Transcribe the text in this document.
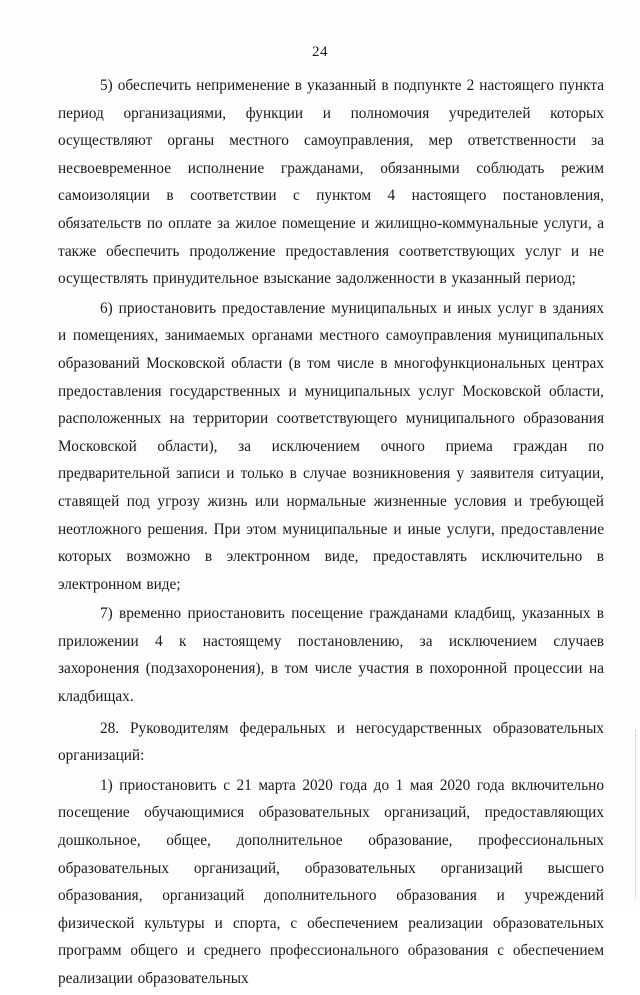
24

5) обеспечить неприменение в указанный в подпункте 2 настоящего пункта период организациями, функции и полномочия учредителей которых осуществляют органы местного самоуправления, мер ответственности за несвоевременное исполнение гражданами, обязанными соблюдать режим самоизоляции в соответствии с пунктом 4 настоящего постановления, обязательств по оплате за жилое помещение и жилищно-коммунальные услуги, а также обеспечить продолжение предоставления соответствующих услуг и не осуществлять принудительное взыскание задолженности в указанный период;

6) приостановить предоставление муниципальных и иных услуг в зданиях и помещениях, занимаемых органами местного самоуправления муниципальных образований Московской области (в том числе в многофункциональных центрах предоставления государственных и муниципальных услуг Московской области, расположенных на территории соответствующего муниципального образования Московской области), за исключением очного приема граждан по предварительной записи и только в случае возникновения у заявителя ситуации, ставящей под угрозу жизнь или нормальные жизненные условия и требующей неотложного решения. При этом муниципальные и иные услуги, предоставление которых возможно в электронном виде, предоставлять исключительно в электронном виде;

7) временно приостановить посещение гражданами кладбищ, указанных в приложении 4 к настоящему постановлению, за исключением случаев захоронения (подзахоронения), в том числе участия в похоронной процессии на кладбищах.

28. Руководителям федеральных и негосударственных образовательных организаций:

1) приостановить с 21 марта 2020 года до 1 мая 2020 года включительно посещение обучающимися образовательных организаций, предоставляющих дошкольное, общее, дополнительное образование, профессиональных образовательных организаций, образовательных организаций высшего образования, организаций дополнительного образования и учреждений физической культуры и спорта, с обеспечением реализации образовательных программ общего и среднего профессионального образования с обеспечением реализации образовательных
